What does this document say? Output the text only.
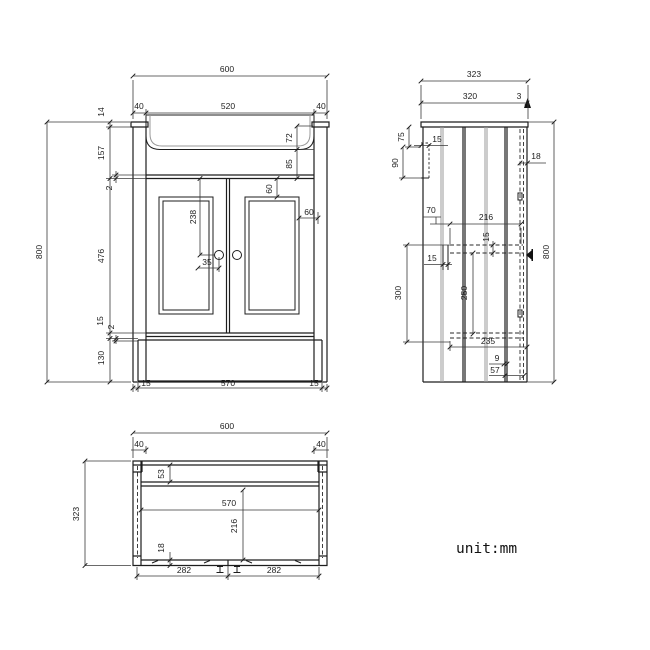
600
40	520	40
14
157
2
72
85
60
60
238
35
476
15
2
130
800
15	570	15
323
320	3
75	15
90
18
70
216
15
15
300	250
235
9
57
800
600
40	40
53
570
216
18
282	282
323
unit:mm
